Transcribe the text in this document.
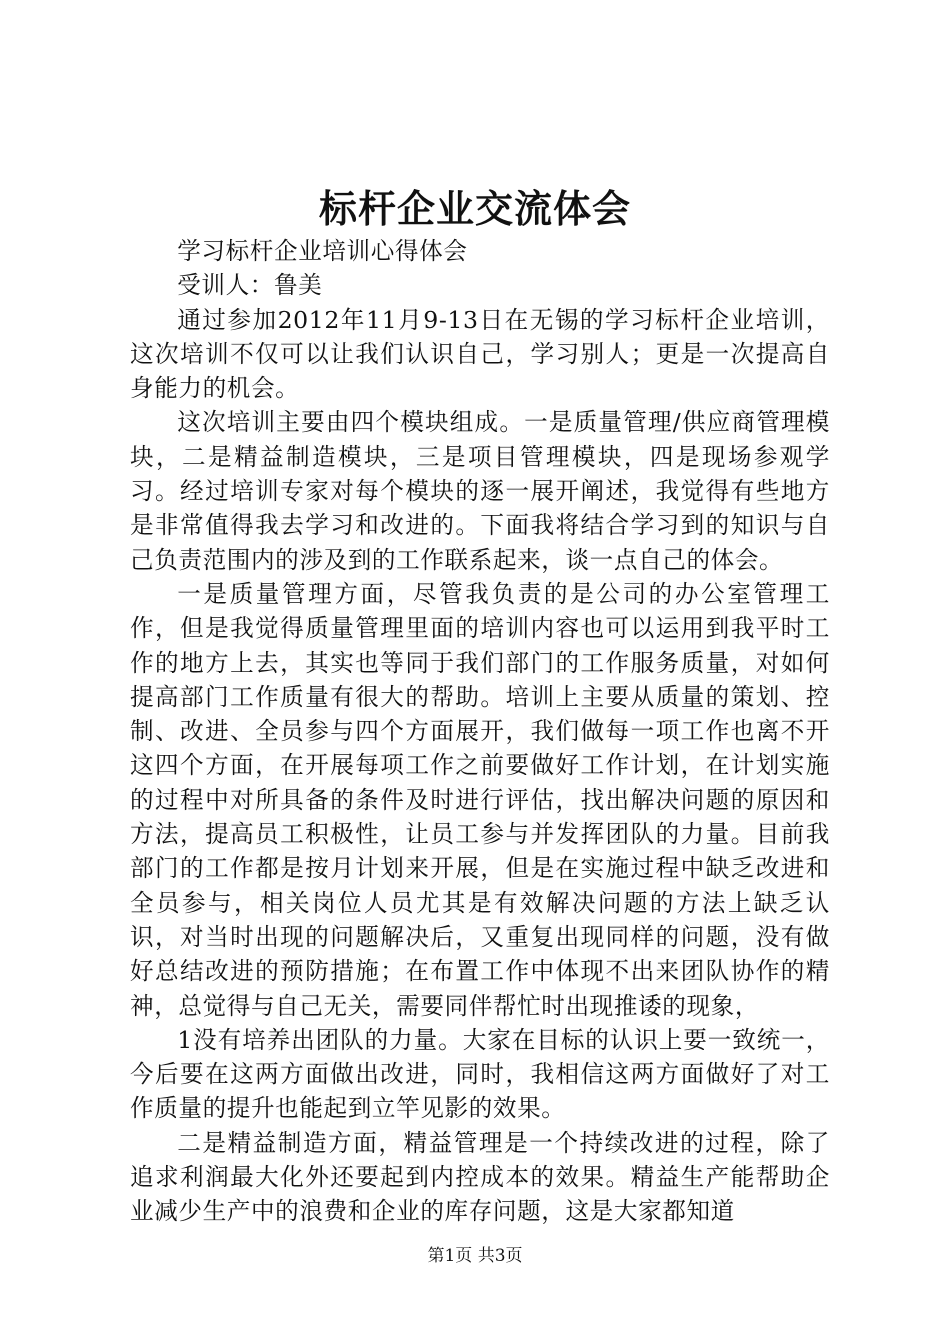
标杆企业交流体会

学习标杆企业培训心得体会

受训人：鲁美

通过参加2012年11月9-13日在无锡的学习标杆企业培训，这次培训不仅可以让我们认识自己，学习别人；更是一次提高自身能力的机会。

这次培训主要由四个模块组成。一是质量管理/供应商管理模块，二是精益制造模块，三是项目管理模块，四是现场参观学习。经过培训专家对每个模块的逐一展开阐述，我觉得有些地方是非常值得我去学习和改进的。下面我将结合学习到的知识与自己负责范围内的涉及到的工作联系起来，谈一点自己的体会。

一是质量管理方面，尽管我负责的是公司的办公室管理工作，但是我觉得质量管理里面的培训内容也可以运用到我平时工作的地方上去，其实也等同于我们部门的工作服务质量，对如何提高部门工作质量有很大的帮助。培训上主要从质量的策划、控制、改进、全员参与四个方面展开，我们做每一项工作也离不开这四个方面，在开展每项工作之前要做好工作计划，在计划实施的过程中对所具备的条件及时进行评估，找出解决问题的原因和方法，提高员工积极性，让员工参与并发挥团队的力量。目前我部门的工作都是按月计划来开展，但是在实施过程中缺乏改进和全员参与，相关岗位人员尤其是有效解决问题的方法上缺乏认识，对当时出现的问题解决后，又重复出现同样的问题，没有做好总结改进的预防措施；在布置工作中体现不出来团队协作的精神，总觉得与自己无关，需要同伴帮忙时出现推诿的现象，

1没有培养出团队的力量。大家在目标的认识上要一致统一，今后要在这两方面做出改进，同时，我相信这两方面做好了对工作质量的提升也能起到立竿见影的效果。

二是精益制造方面，精益管理是一个持续改进的过程，除了追求利润最大化外还要起到内控成本的效果。精益生产能帮助企业减少生产中的浪费和企业的库存问题，这是大家都知道

第1页 共3页
